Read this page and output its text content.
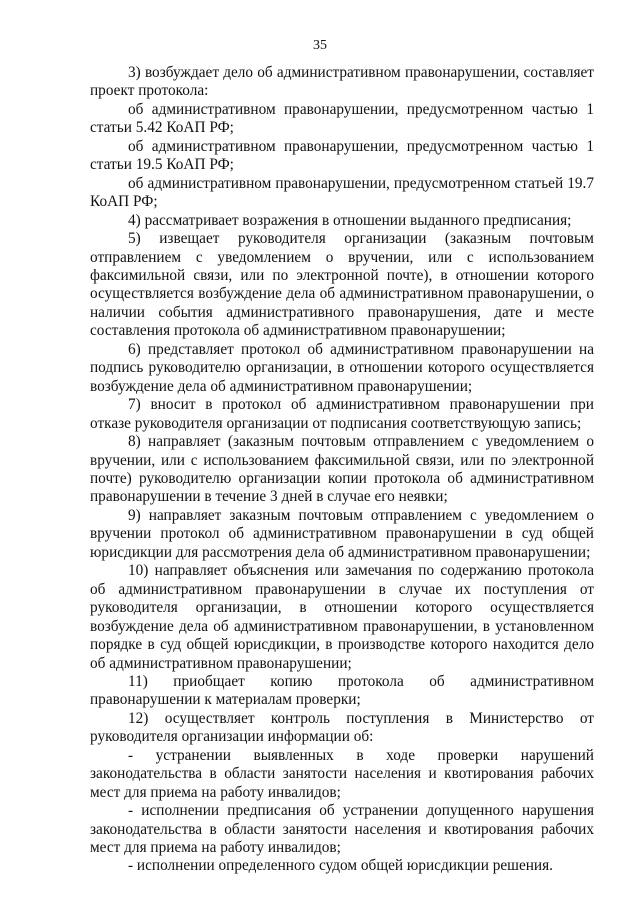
35

3) возбуждает дело об административном правонарушении, составляет проект протокола:

об административном правонарушении, предусмотренном частью 1 статьи 5.42 КоАП РФ;

об административном правонарушении, предусмотренном частью 1 статьи 19.5 КоАП РФ;

об административном правонарушении, предусмотренном статьей 19.7 КоАП РФ;

4) рассматривает возражения в отношении выданного предписания;

5) извещает руководителя организации (заказным почтовым отправлением с уведомлением о вручении, или с использованием факсимильной связи, или по электронной почте), в отношении которого осуществляется возбуждение дела об административном правонарушении, о наличии события административного правонарушения, дате и месте составления протокола об административном правонарушении;

6) представляет протокол об административном правонарушении на подпись руководителю организации, в отношении которого осуществляется возбуждение дела об административном правонарушении;

7) вносит в протокол об административном правонарушении при отказе руководителя организации от подписания соответствующую запись;

8) направляет (заказным почтовым отправлением с уведомлением о вручении, или с использованием факсимильной связи, или по электронной почте) руководителю организации копии протокола об административном правонарушении в течение 3 дней в случае его неявки;

9) направляет заказным почтовым отправлением с уведомлением о вручении протокол об административном правонарушении в суд общей юрисдикции для рассмотрения дела об административном правонарушении;

10) направляет объяснения или замечания по содержанию протокола об административном правонарушении в случае их поступления от руководителя организации, в отношении которого осуществляется возбуждение дела об административном правонарушении, в установленном порядке в суд общей юрисдикции, в производстве которого находится дело об административном правонарушении;

11) приобщает копию протокола об административном правонарушении к материалам проверки;

12) осуществляет контроль поступления в Министерство от руководителя организации информации об:

- устранении выявленных в ходе проверки нарушений законодательства в области занятости населения и квотирования рабочих мест для приема на работу инвалидов;

- исполнении предписания об устранении допущенного нарушения законодательства в области занятости населения и квотирования рабочих мест для приема на работу инвалидов;

- исполнении определенного судом общей юрисдикции решения.
